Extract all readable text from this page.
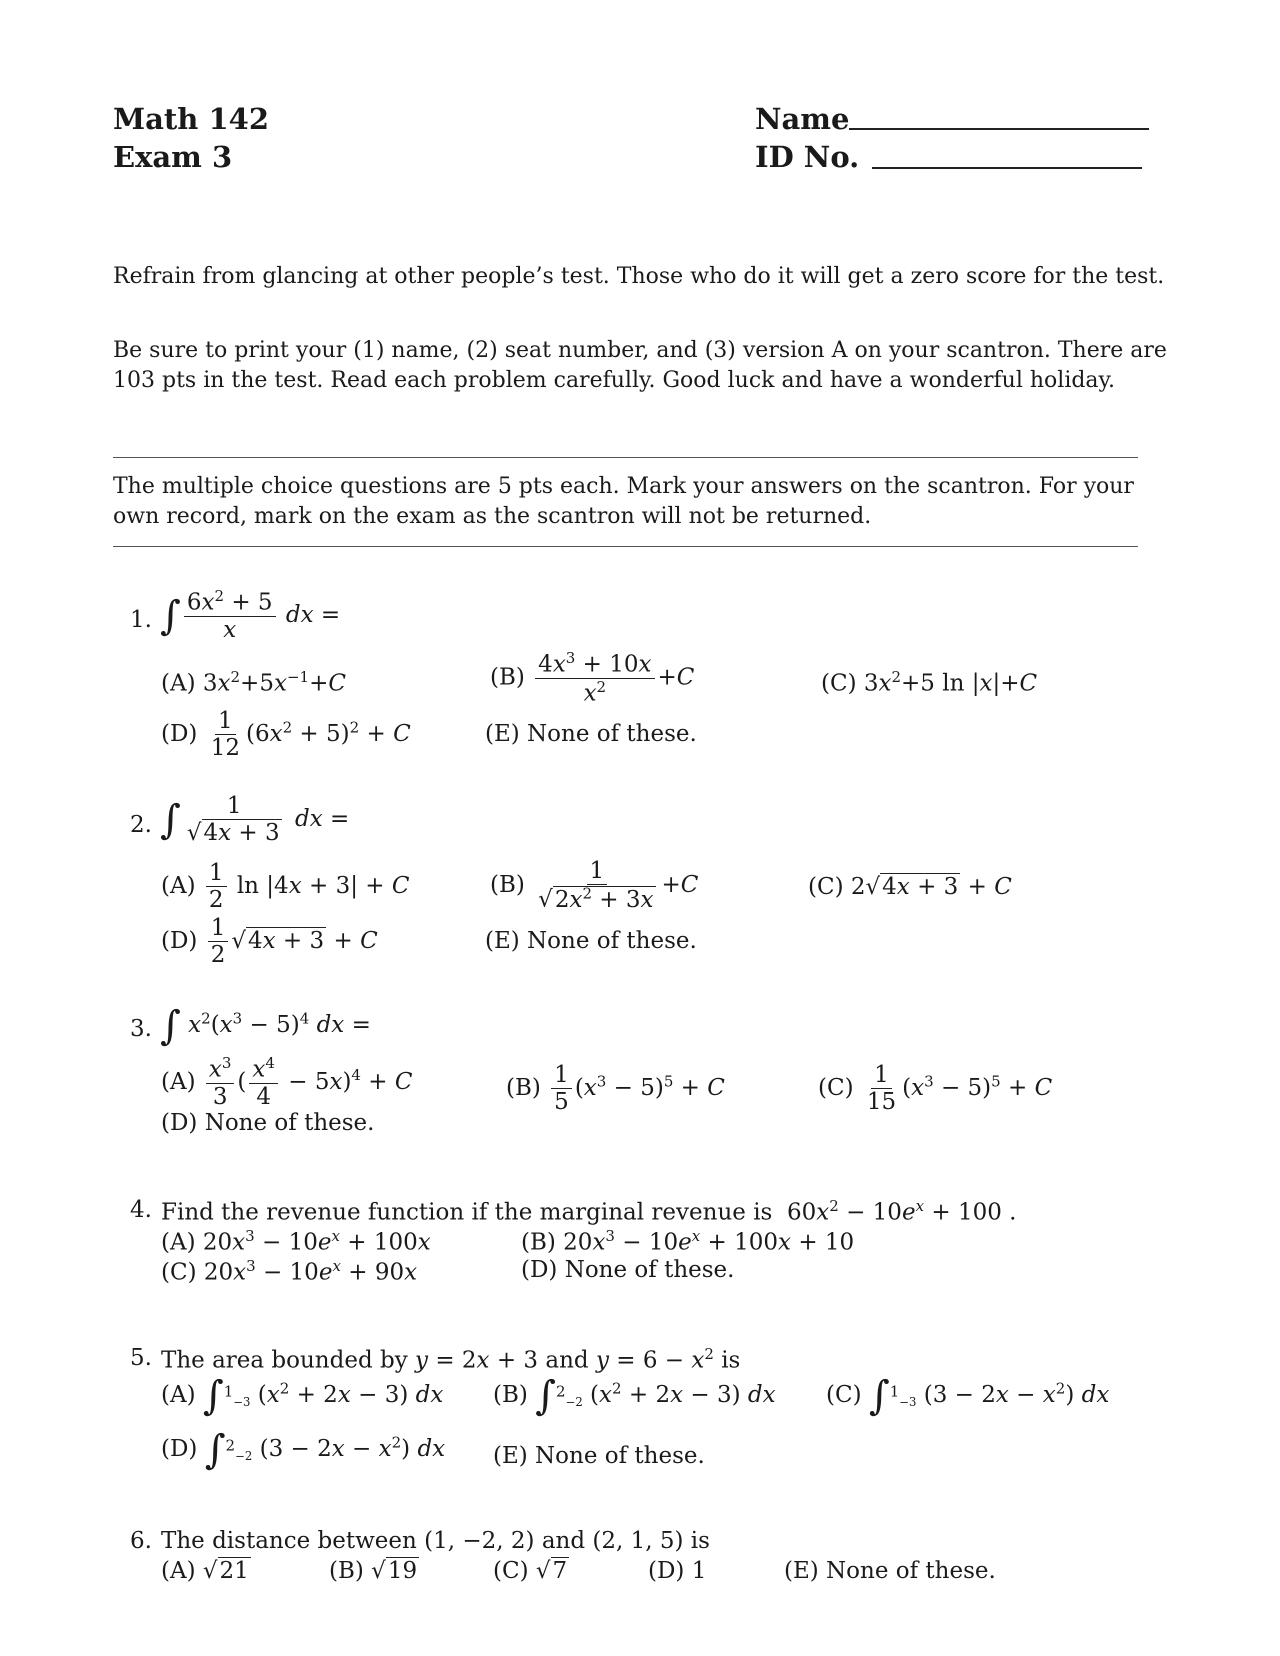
Math 142
Exam 3
Name
ID No.
Refrain from glancing at other people’s test. Those who do it will get a zero score for the test.
Be sure to print your (1) name, (2) seat number, and (3) version A on your scantron. There are 103 pts in the test. Read each problem carefully. Good luck and have a wonderful holiday.
The multiple choice questions are 5 pts each. Mark your answers on the scantron. For your own record, mark on the exam as the scantron will not be returned.
1. ∫ $\frac{6x^2 + 5}{x}$ dx =
(A) $3x^2+5x^{-1}+C$	$(B) \frac{4x^3 + 10x}{x^2} +C$	(C) $3x^2+5$ ln |x|+C
$(D) \frac{1}{12} (6x^2 + 5)^2 + C$	(E) None of these.
2. ∫ $\frac{1}{√4x + 3}$ dx =
$(A) \frac{1}{2}$ ln |4x + 3| + C	$(B) \frac{1}{√2x^2 + 3x} +C$	(C) 2√4x + 3 + C
$(D) \frac{1}{2} √4x + 3 + C$	(E) None of these.
3. ∫ $x^2(x^3 - 5)^4$ dx =
$(A) \frac{x^3}{3}$ ( $\frac{x^4}{4} - 5x)^4 + C$	$(B) \frac{1}{5} (x^3 - 5)^5 + C$	$(C) \frac{1}{15} (x^3 - 5)^5 + C$
(D) None of these.
4. Find the revenue function if the marginal revenue is  $60x^2 - 10e^x + 100$ .
(A) $20x^3 - 10e^x + 100x$	(B) $20x^3 - 10e^x + 100x + 10$
(C) $20x^3 - 10e^x + 90x$	(D) None of these.
5. The area bounded by y = 2x + 3 and $y = 6 - x^2$ is
(A) ∫$^1_{-3}$ $(x^2 + 2x - 3)$ dx (B) ∫$^2_{-2}$ $(x^2 + 2x - 3)$ dx (C) ∫$^1_{-3}$ $(3 - 2x - x^2)$ dx
(D) ∫$^2_{-2}$ $(3 - 2x - x^2)$ dx (E) None of these.
6. The distance between (1, −2, 2) and (2, 1, 5) is
(A) √21	(B) √19	(C) √7	(D) 1	(E) None of these.
